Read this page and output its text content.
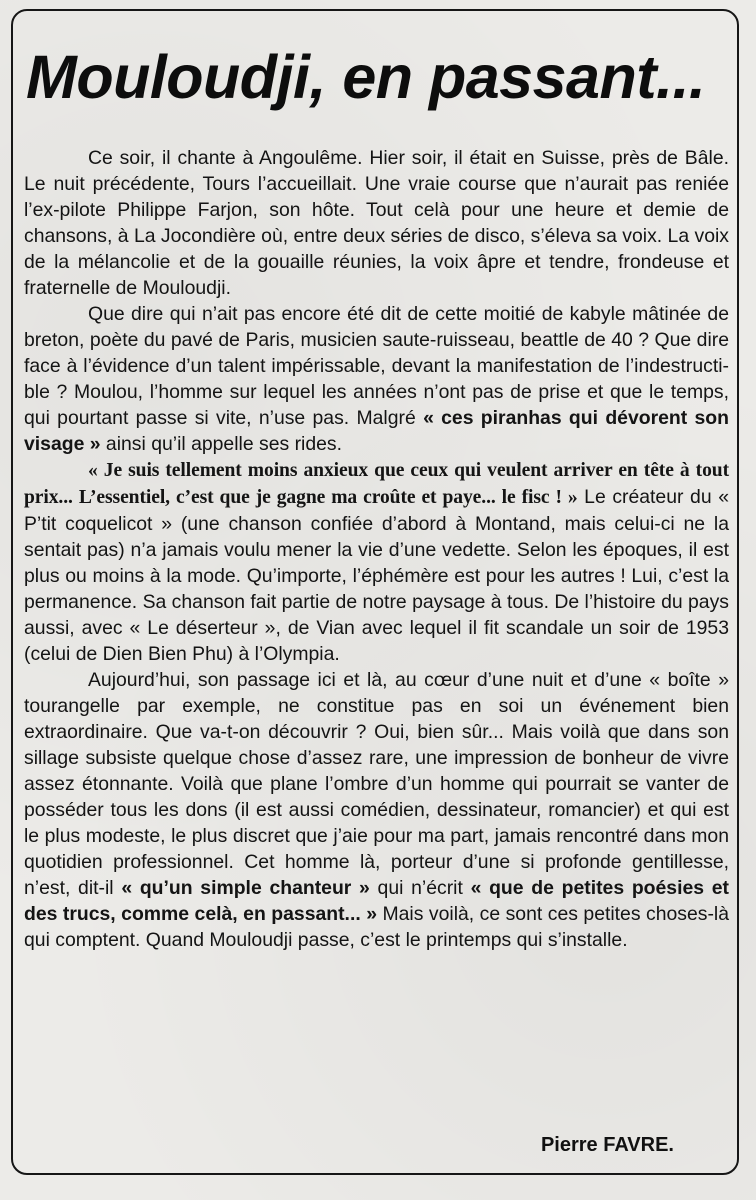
Mouloudji, en passant...

Ce soir, il chante à Angoulême. Hier soir, il était en Suisse, près de Bâle. Le nuit précédente, Tours l’accueillait. Une vraie course que n’aurait pas reniée l’ex-pilote Philippe Farjon, son hôte. Tout celà pour une heure et demie de chansons, à La Jocondière où, entre deux séries de disco, s’éleva sa voix. La voix de la mélancolie et de la gouaille réunies, la voix âpre et tendre, frondeuse et fraternelle de Mouloudji.

Que dire qui n’ait pas encore été dit de cette moitié de kabyle mâtinée de breton, poète du pavé de Paris, musicien saute-ruisseau, beattle de 40 ? Que dire face à l’évidence d’un talent impérissable, devant la manifestation de l’indestructible ? Moulou, l’homme sur lequel les années n’ont pas de prise et que le temps, qui pourtant passe si vite, n’use pas. Malgré « ces piranhas qui dévorent son visage » ainsi qu’il appelle ses rides.

« Je suis tellement moins anxieux que ceux qui veulent arriver en tête à tout prix... L’essentiel, c’est que je gagne ma croûte et paye... le fisc ! » Le créateur du « P’tit coquelicot » (une chanson confiée d’abord à Montand, mais celui-ci ne la sentait pas) n’a jamais voulu mener la vie d’une vedette. Selon les époques, il est plus ou moins à la mode. Qu’importe, l’éphémère est pour les autres ! Lui, c’est la permanence. Sa chanson fait partie de notre paysage à tous. De l’histoire du pays aussi, avec « Le déserteur », de Vian avec lequel il fit scandale un soir de 1953 (celui de Dien Bien Phu) à l’Olympia.

Aujourd’hui, son passage ici et là, au cœur d’une nuit et d’une « boîte » tourangelle par exemple, ne constitue pas en soi un événement bien extraordinaire. Que va-t-on découvrir ? Oui, bien sûr... Mais voilà que dans son sillage subsiste quelque chose d’assez rare, une impression de bonheur de vivre assez étonnante. Voilà que plane l’ombre d’un homme qui pourrait se vanter de posséder tous les dons (il est aussi comédien, dessinateur, romancier) et qui est le plus modeste, le plus discret que j’aie pour ma part, jamais rencontré dans mon quotidien professionnel. Cet homme là, porteur d’une si profonde gentillesse, n’est, dit-il « qu’un simple chanteur » qui n’écrit « que de petites poésies et des trucs, comme celà, en passant... » Mais voilà, ce sont ces petites choses-là qui comptent. Quand Mouloudji passe, c’est le printemps qui s’installe.

Pierre FAVRE.
